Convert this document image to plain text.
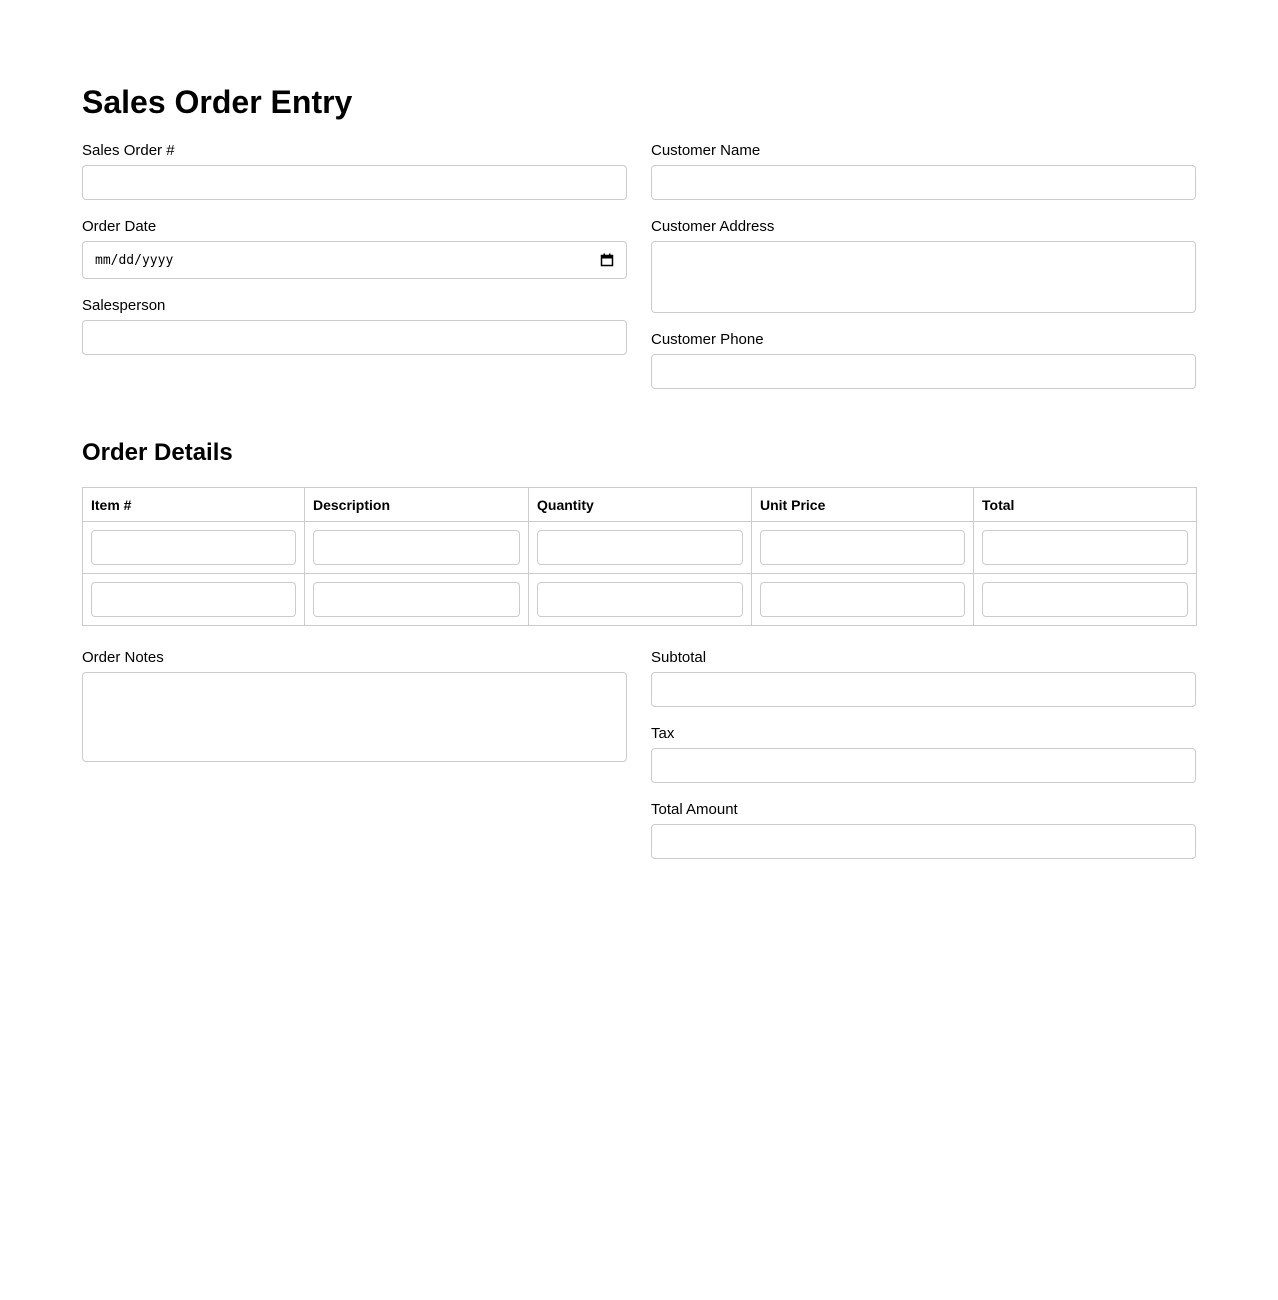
Sales Order Entry
Sales Order #
Order Date
mm/dd/yyyy
Salesperson
Customer Name
Customer Address
Customer Phone
Order Details
Item #	Description	Quantity	Unit Price	Total

Order Notes	Subtotal
Tax
Total Amount
